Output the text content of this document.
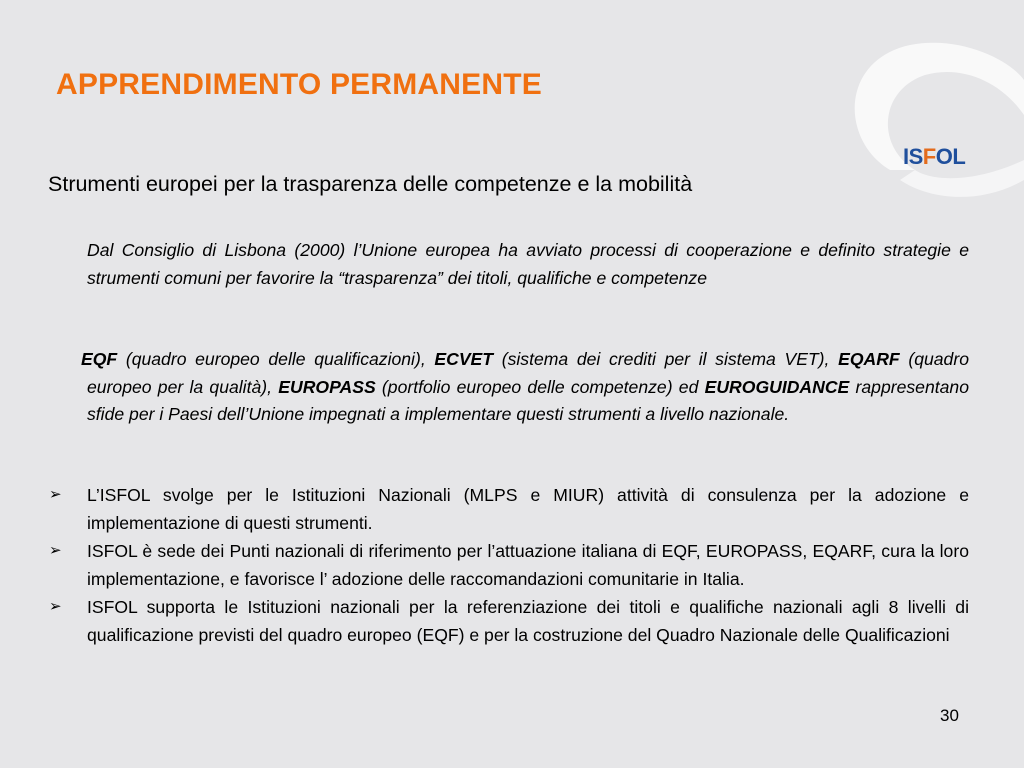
ISFOL
APPRENDIMENTO PERMANENTE
Strumenti europei per la trasparenza delle competenze e la mobilità
Dal Consiglio di Lisbona (2000) l’Unione europea ha avviato processi di cooperazione e definito strategie e strumenti comuni per favorire la “trasparenza” dei titoli, qualifiche e competenze
EQF (quadro europeo delle qualificazioni), ECVET (sistema dei crediti per il sistema VET), EQARF (quadro europeo per la qualità), EUROPASS (portfolio europeo delle competenze) ed EUROGUIDANCE rappresentano sfide per i Paesi dell’Unione impegnati a implementare questi strumenti a livello nazionale.
➢ L’ISFOL svolge per le Istituzioni Nazionali (MLPS e MIUR) attività di consulenza per la adozione e implementazione di questi strumenti.
➢ ISFOL è sede dei Punti nazionali di riferimento per l’attuazione italiana di EQF, EUROPASS, EQARF, cura la loro implementazione, e favorisce l’ adozione delle raccomandazioni comunitarie in Italia.
➢ ISFOL supporta le Istituzioni nazionali per la referenziazione dei titoli e qualifiche nazionali agli 8 livelli di qualificazione previsti del quadro europeo (EQF) e per la costruzione del Quadro Nazionale delle Qualificazioni
30
